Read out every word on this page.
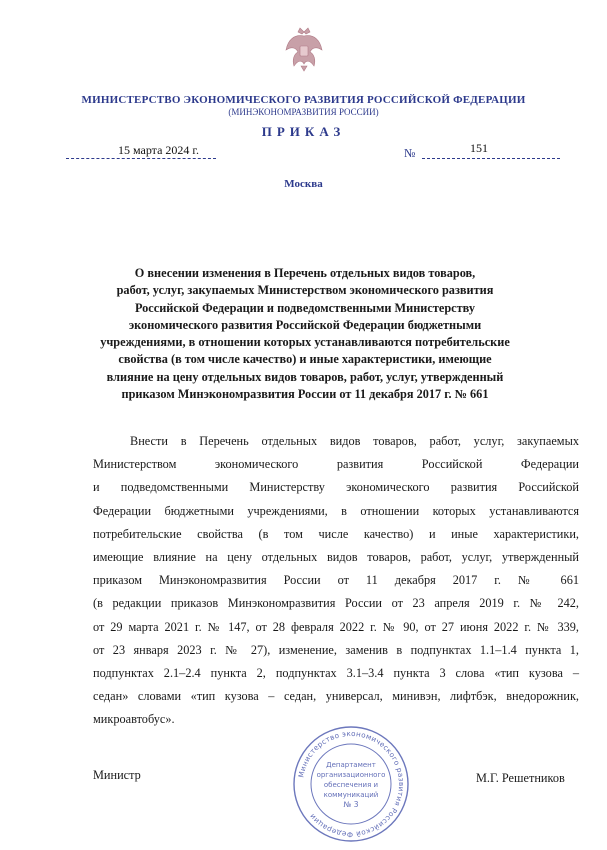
МИНИСТЕРСТВО ЭКОНОМИЧЕСКОГО РАЗВИТИЯ РОССИЙСКОЙ ФЕДЕРАЦИИ
(МИНЭКОНОМРАЗВИТИЯ РОССИИ)
ПРИКАЗ
15 марта 2024 г.	№	151
Москва
О внесении изменения в Перечень отдельных видов товаров,
работ, услуг, закупаемых Министерством экономического развития
Российской Федерации и подведомственными Министерству
экономического развития Российской Федерации бюджетными
учреждениями, в отношении которых устанавливаются потребительские
свойства (в том числе качество) и иные характеристики, имеющие
влияние на цену отдельных видов товаров, работ, услуг, утвержденный
приказом Минэкономразвития России от 11 декабря 2017 г. № 661
Внести в Перечень отдельных видов товаров, работ, услуг, закупаемых
Министерством экономического развития Российской Федерации
и подведомственными Министерству экономического развития Российской
Федерации бюджетными учреждениями, в отношении которых устанавливаются
потребительские свойства (в том числе качество) и иные характеристики,
имеющие влияние на цену отдельных видов товаров, работ, услуг, утвержденный
приказом Минэкономразвития России от 11 декабря 2017 г. № 661
(в редакции приказов Минэкономразвития России от 23 апреля 2019 г. № 242,
от 29 марта 2021 г. № 147, от 28 февраля 2022 г. № 90, от 27 июня 2022 г. № 339,
от 23 января 2023 г. № 27), изменение, заменив в подпунктах 1.1–1.4 пункта 1,
подпунктах 2.1–2.4 пункта 2, подпунктах 3.1–3.4 пункта 3 слова «тип кузова –
седан» словами «тип кузова – седан, универсал, минивэн, лифтбэк, внедорожник,
микроавтобус».
Министр	М.Г. Решетников
Министерство экономического развития Российской Федерации
Департамент
организационного
обеспечения и
коммуникаций
№ 3
